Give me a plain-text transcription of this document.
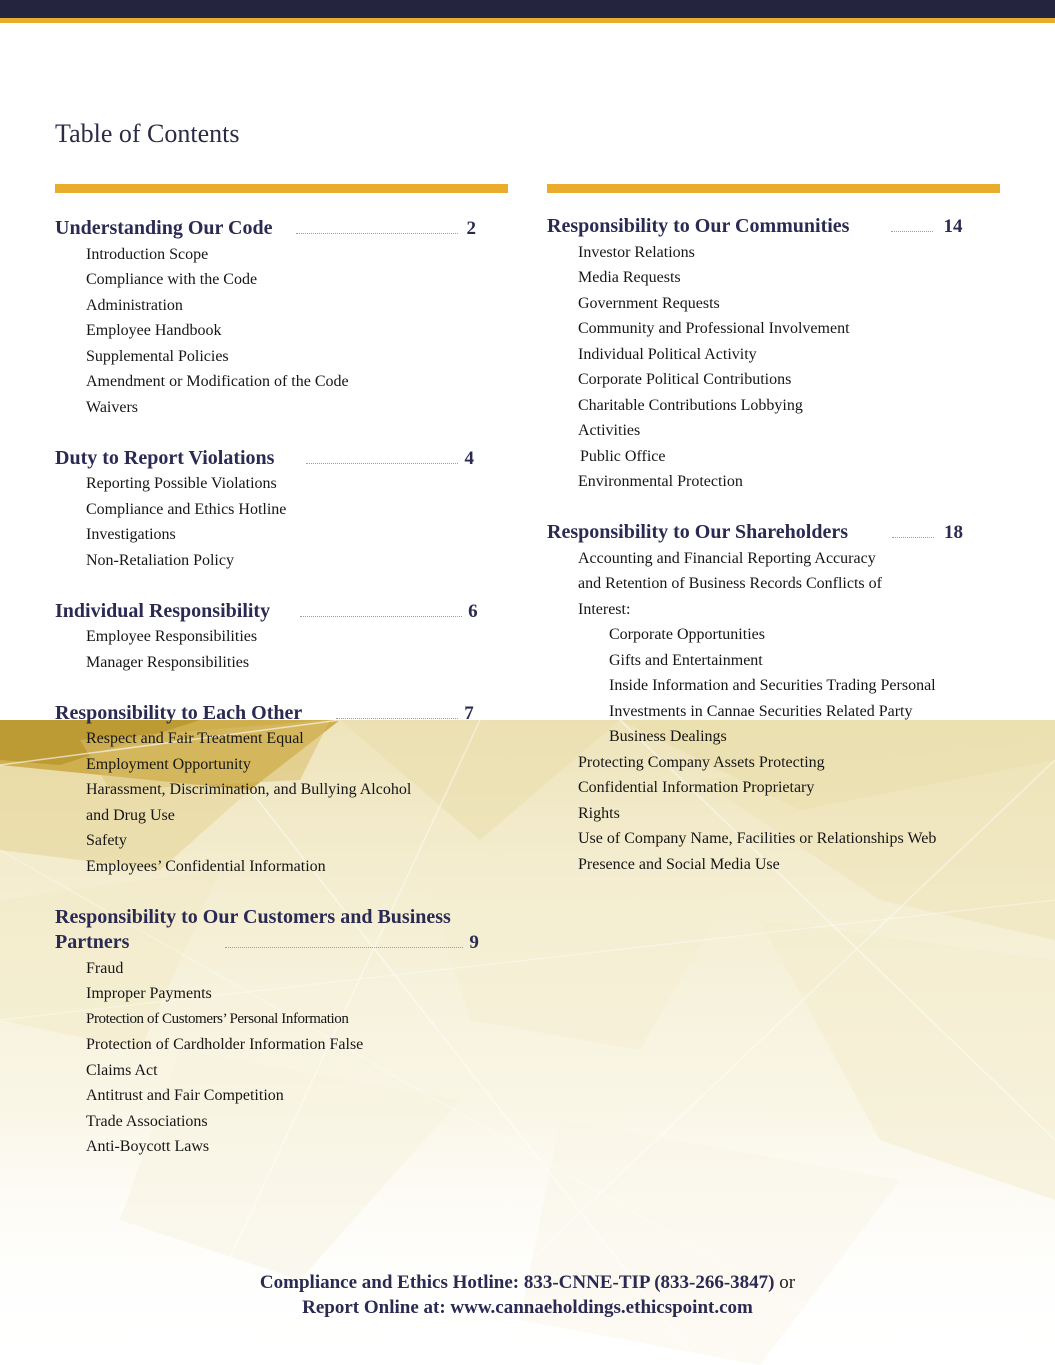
Table of Contents
Understanding Our Code	2
Introduction Scope
Compliance with the Code
Administration
Employee Handbook
Supplemental Policies
Amendment or Modification of the Code
Waivers
Duty to Report Violations	4
Reporting Possible Violations
Compliance and Ethics Hotline
Investigations
Non-Retaliation Policy
Individual Responsibility	6
Employee Responsibilities
Manager Responsibilities
Responsibility to Each Other	7
Respect and Fair Treatment Equal
Employment Opportunity
Harassment, Discrimination, and Bullying Alcohol
and Drug Use
Safety
Employees’ Confidential Information
Responsibility to Our Customers and Business
Partners	9
Fraud
Improper Payments
Protection of Customers’ Personal Information
Protection of Cardholder Information False
Claims Act
Antitrust and Fair Competition
Trade Associations
Anti-Boycott Laws
Responsibility to Our Communities	14
Investor Relations
Media Requests
Government Requests
Community and Professional Involvement
Individual Political Activity
Corporate Political Contributions
Charitable Contributions Lobbying
Activities
Public Office
Environmental Protection
Responsibility to Our Shareholders	18
Accounting and Financial Reporting Accuracy
and Retention of Business Records Conflicts of
Interest:
Corporate Opportunities
Gifts and Entertainment
Inside Information and Securities Trading Personal
Investments in Cannae Securities Related Party
Business Dealings
Protecting Company Assets Protecting
Confidential Information Proprietary
Rights
Use of Company Name, Facilities or Relationships Web
Presence and Social Media Use
Compliance and Ethics Hotline: 833-CNNE-TIP (833-266-3847) or
Report Online at: www.cannaeholdings.ethicspoint.com
